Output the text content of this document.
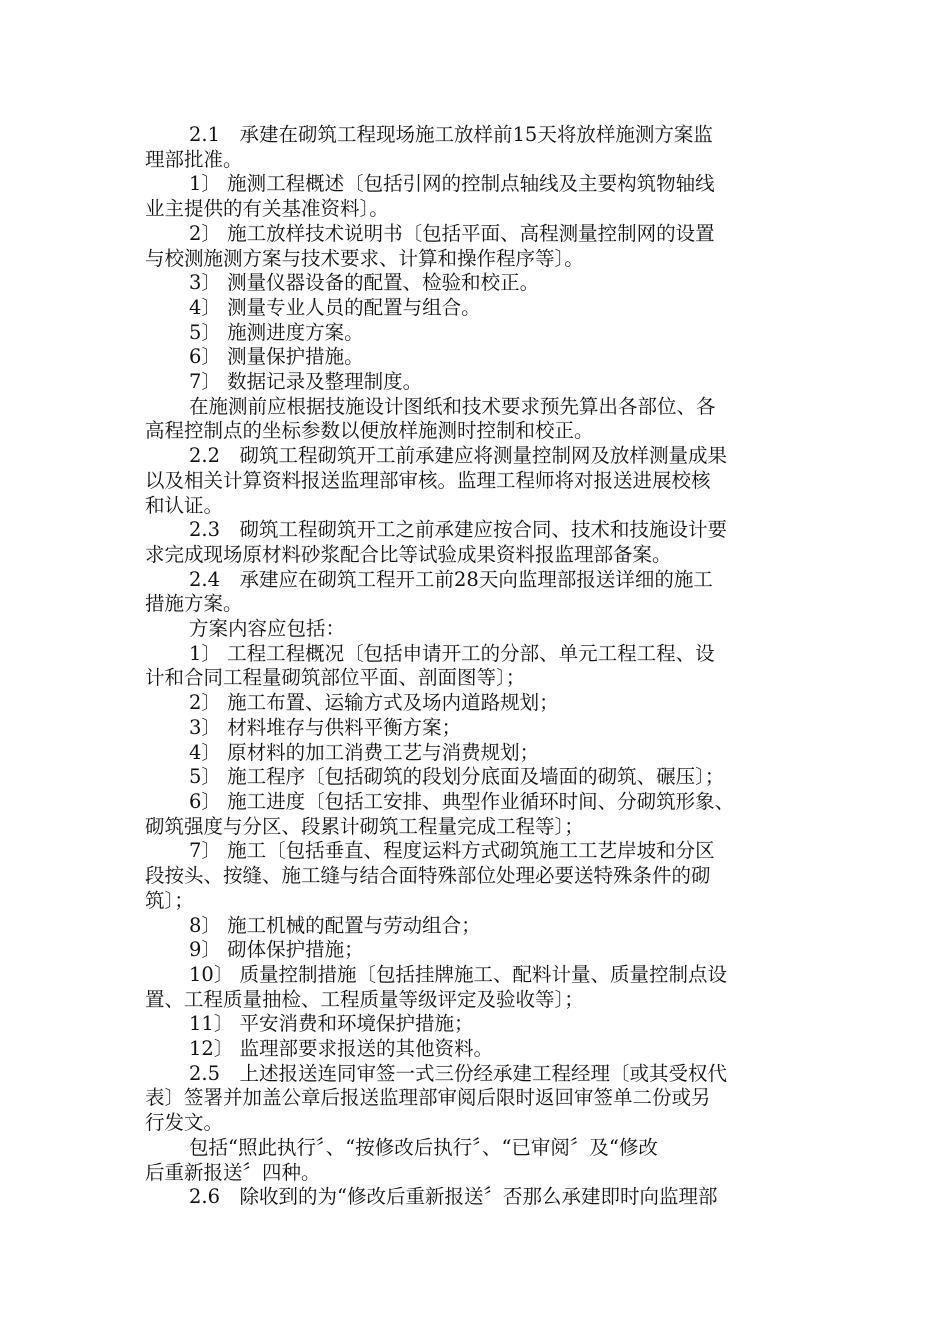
2.1　承建在砌筑工程现场施工放样前15天将放样施测方案监

理部批准。

1〕 施测工程概述〔包括引网的控制点轴线及主要构筑物轴线

业主提供的有关基准资料〕。

2〕 施工放样技术说明书〔包括平面、高程测量控制网的设置

与校测施测方案与技术要求、计算和操作程序等〕。

3〕 测量仪器设备的配置、检验和校正。

4〕 测量专业人员的配置与组合。

5〕 施测进度方案。

6〕 测量保护措施。

7〕 数据记录及整理制度。

在施测前应根据技施设计图纸和技术要求预先算出各部位、各

高程控制点的坐标参数以便放样施测时控制和校正。

2.2　砌筑工程砌筑开工前承建应将测量控制网及放样测量成果

以及相关计算资料报送监理部审核。监理工程师将对报送进展校核

和认证。

2.3　砌筑工程砌筑开工之前承建应按合同、技术和技施设计要

求完成现场原材料砂浆配合比等试验成果资料报监理部备案。

2.4　承建应在砌筑工程开工前28天向监理部报送详细的施工

措施方案。

方案内容应包括：

1〕 工程工程概况〔包括申请开工的分部、单元工程工程、设

计和合同工程量砌筑部位平面、剖面图等〕；

2〕 施工布置、运输方式及场内道路规划；

3〕 材料堆存与供料平衡方案；

4〕 原材料的加工消费工艺与消费规划；

5〕 施工程序〔包括砌筑的段划分底面及墙面的砌筑、碾压〕；

6〕 施工进度〔包括工安排、典型作业循环时间、分砌筑形象、

砌筑强度与分区、段累计砌筑工程量完成工程等〕；

7〕 施工〔包括垂直、程度运料方式砌筑施工工艺岸坡和分区

段按头、按缝、施工缝与结合面特殊部位处理必要送特殊条件的砌

筑〕；

8〕 施工机械的配置与劳动组合；

9〕 砌体保护措施；

10〕 质量控制措施〔包括挂牌施工、配料计量、质量控制点设

置、工程质量抽检、工程质量等级评定及验收等〕；

11〕 平安消费和环境保护措施；

12〕 监理部要求报送的其他资料。

2.5　上述报送连同审签一式三份经承建工程经理〔或其受权代

表〕签署并加盖公章后报送监理部审阅后限时返回审签单二份或另

行发文。

包括“照此执行〞、“按修改后执行〞、“已审阅〞及“修改

后重新报送〞四种。

2.6　除收到的为“修改后重新报送〞否那么承建即时向监理部
